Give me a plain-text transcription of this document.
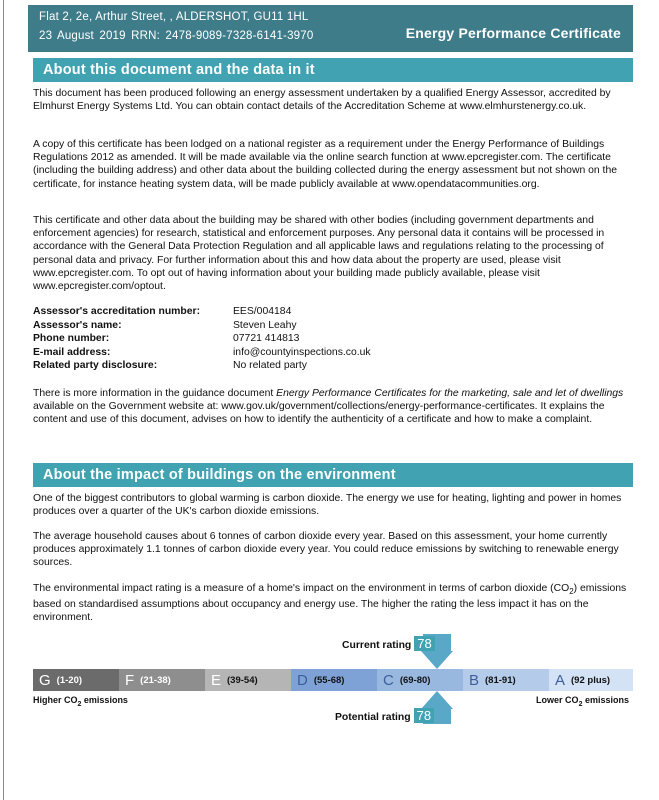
Flat 2, 2e, Arthur Street, , ALDERSHOT, GU11 1HL
23 August 2019 RRN: 2478-9089-7328-6141-3970	Energy Performance Certificate
About this document and the data in it
This document has been produced following an energy assessment undertaken by a qualified Energy Assessor, accredited by Elmhurst Energy Systems Ltd. You can obtain contact details of the Accreditation Scheme at www.elmhurstenergy.co.uk.
A copy of this certificate has been lodged on a national register as a requirement under the Energy Performance of Buildings Regulations 2012 as amended. It will be made available via the online search function at www.epcregister.com. The certificate (including the building address) and other data about the building collected during the energy assessment but not shown on the certificate, for instance heating system data, will be made publicly available at www.opendatacommunities.org.
This certificate and other data about the building may be shared with other bodies (including government departments and enforcement agencies) for research, statistical and enforcement purposes. Any personal data it contains will be processed in accordance with the General Data Protection Regulation and all applicable laws and regulations relating to the processing of personal data and privacy. For further information about this and how data about the property are used, please visit www.epcregister.com. To opt out of having information about your building made publicly available, please visit www.epcregister.com/optout.
Assessor's accreditation number:	EES/004184
Assessor's name:	Steven Leahy
Phone number:	07721 414813
E-mail address:	info@countyinspections.co.uk
Related party disclosure:	No related party
There is more information in the guidance document Energy Performance Certificates for the marketing, sale and let of dwellings available on the Government website at: www.gov.uk/government/collections/energy-performance-certificates. It explains the content and use of this document, advises on how to identify the authenticity of a certificate and how to make a complaint.
About the impact of buildings on the environment
One of the biggest contributors to global warming is carbon dioxide. The energy we use for heating, lighting and power in homes produces over a quarter of the UK's carbon dioxide emissions.
The average household causes about 6 tonnes of carbon dioxide every year. Based on this assessment, your home currently produces approximately 1.1 tonnes of carbon dioxide every year. You could reduce emissions by switching to renewable energy sources.
The environmental impact rating is a measure of a home's impact on the environment in terms of carbon dioxide $(CO_2)$ emissions based on standardised assumptions about occupancy and energy use. The higher the rating the less impact it has on the environment.
Current rating 78
G (1-20)	F (21-38)	E (39-54)	D (55-68)	C (69-80)	B (81-91)	A (92 plus)
Higher $CO_2$ emissions	Lower $CO_2$ emissions
Potential rating 78
